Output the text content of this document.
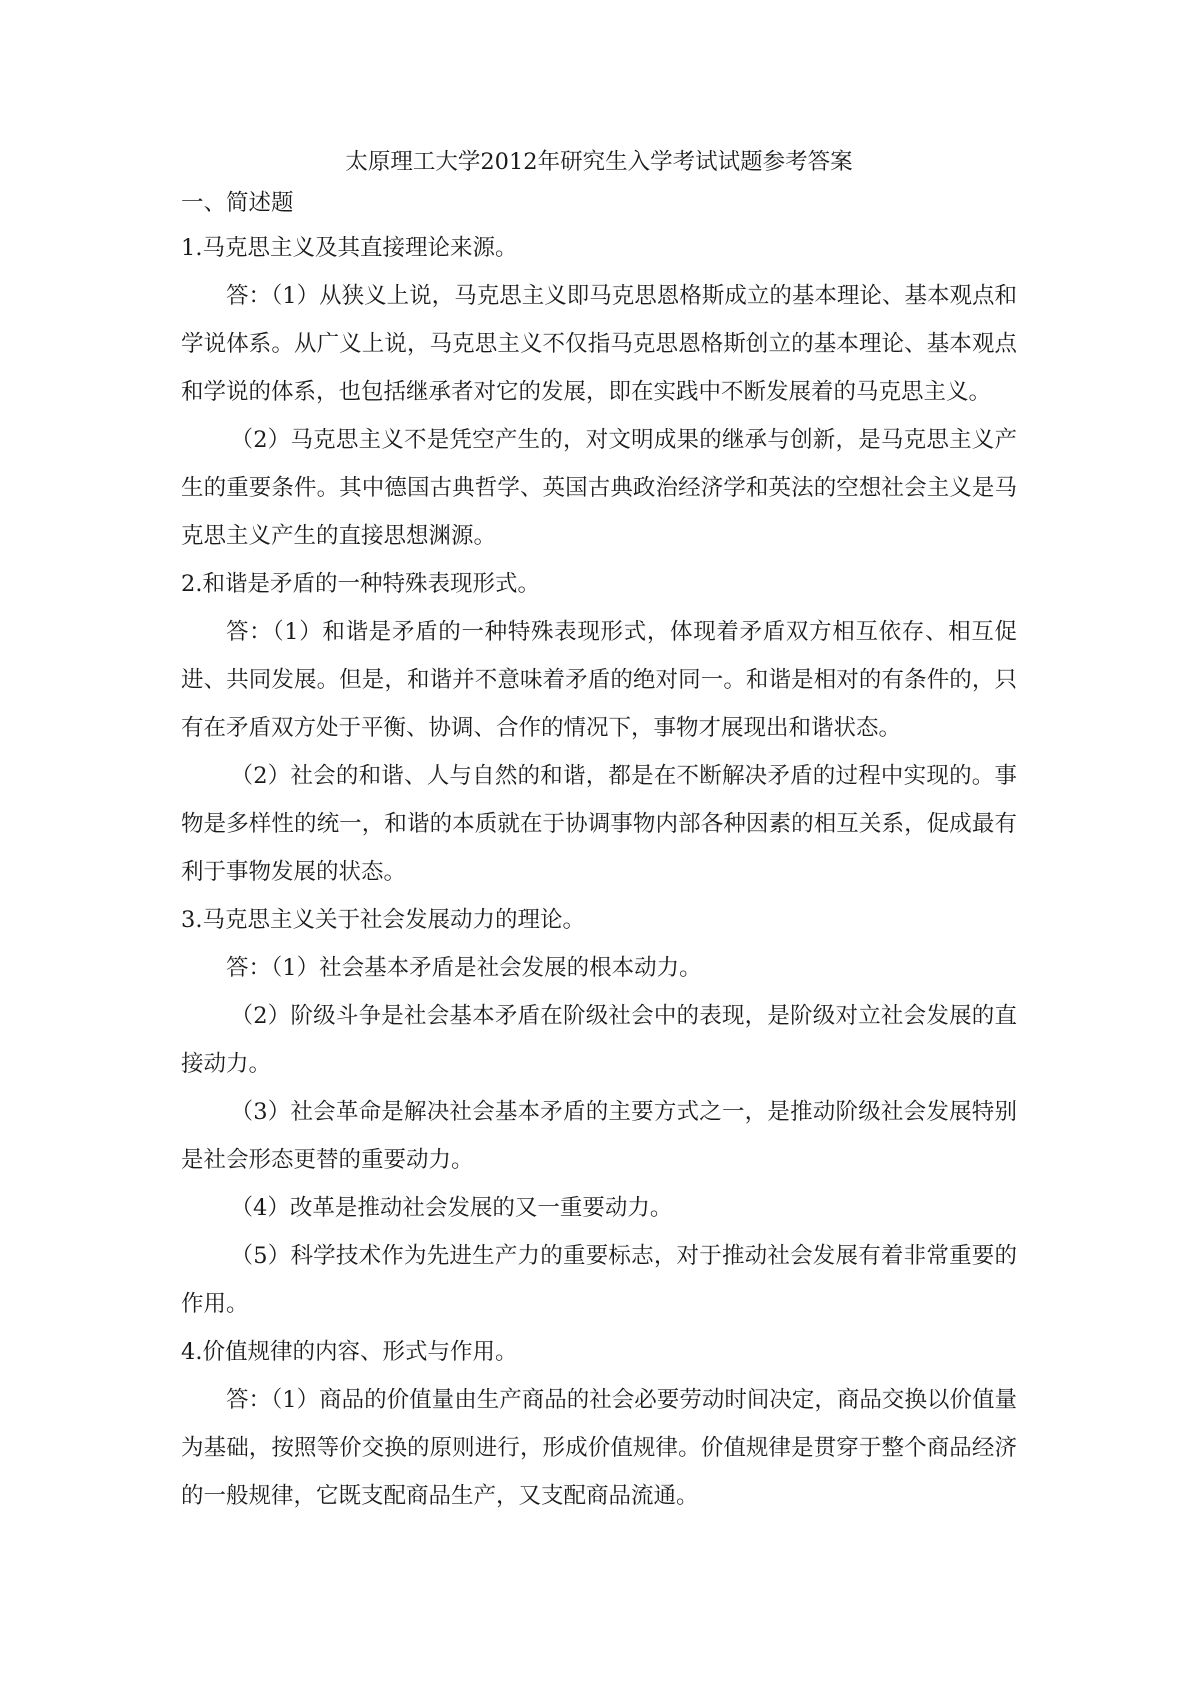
太原理工大学2012年研究生入学考试试题参考答案

一、简述题

1.马克思主义及其直接理论来源。

答：（1）从狭义上说，马克思主义即马克思恩格斯成立的基本理论、基本观点和学说体系。从广义上说，马克思主义不仅指马克思恩格斯创立的基本理论、基本观点和学说的体系，也包括继承者对它的发展，即在实践中不断发展着的马克思主义。

（2）马克思主义不是凭空产生的，对文明成果的继承与创新，是马克思主义产生的重要条件。其中德国古典哲学、英国古典政治经济学和英法的空想社会主义是马克思主义产生的直接思想渊源。

2.和谐是矛盾的一种特殊表现形式。

答：（1）和谐是矛盾的一种特殊表现形式，体现着矛盾双方相互依存、相互促进、共同发展。但是，和谐并不意味着矛盾的绝对同一。和谐是相对的有条件的，只有在矛盾双方处于平衡、协调、合作的情况下，事物才展现出和谐状态。

（2）社会的和谐、人与自然的和谐，都是在不断解决矛盾的过程中实现的。事物是多样性的统一，和谐的本质就在于协调事物内部各种因素的相互关系，促成最有利于事物发展的状态。

3.马克思主义关于社会发展动力的理论。

答：（1）社会基本矛盾是社会发展的根本动力。

（2）阶级斗争是社会基本矛盾在阶级社会中的表现，是阶级对立社会发展的直接动力。

（3）社会革命是解决社会基本矛盾的主要方式之一，是推动阶级社会发展特别是社会形态更替的重要动力。

（4）改革是推动社会发展的又一重要动力。

（5）科学技术作为先进生产力的重要标志，对于推动社会发展有着非常重要的作用。

4.价值规律的内容、形式与作用。

答：（1）商品的价值量由生产商品的社会必要劳动时间决定，商品交换以价值量为基础，按照等价交换的原则进行，形成价值规律。价值规律是贯穿于整个商品经济的一般规律，它既支配商品生产，又支配商品流通。
